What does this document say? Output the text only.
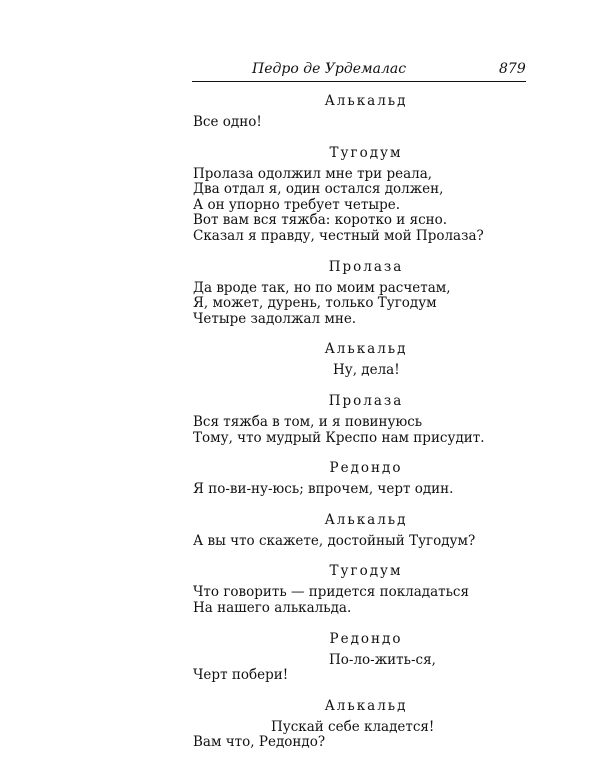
Педро де Урдемалас	879
Алькальд
Все одно!
Тугодум
Пролаза одолжил мне три реала,
Два отдал я, один остался должен,
А он упорно требует четыре.
Вот вам вся тяжба: коротко и ясно.
Сказал я правду, честный мой Пролаза?
Пролаза
Да вроде так, но по моим расчетам,
Я, может, дурень, только Тугодум
Четыре задолжал мне.
Алькальд
Ну, дела!
Пролаза
Вся тяжба в том, и я повинуюсь
Тому, что мудрый Креспо нам присудит.
Редондо
Я по-ви-ну-юсь; впрочем, черт один.
Алькальд
А вы что скажете, достойный Тугодум?
Тугодум
Что говорить — придется покладаться
На нашего алькальда.
Редондо
По-ло-жить-ся,
Черт побери!
Алькальд
Пускай себе кладется!
Вам что, Редондо?
